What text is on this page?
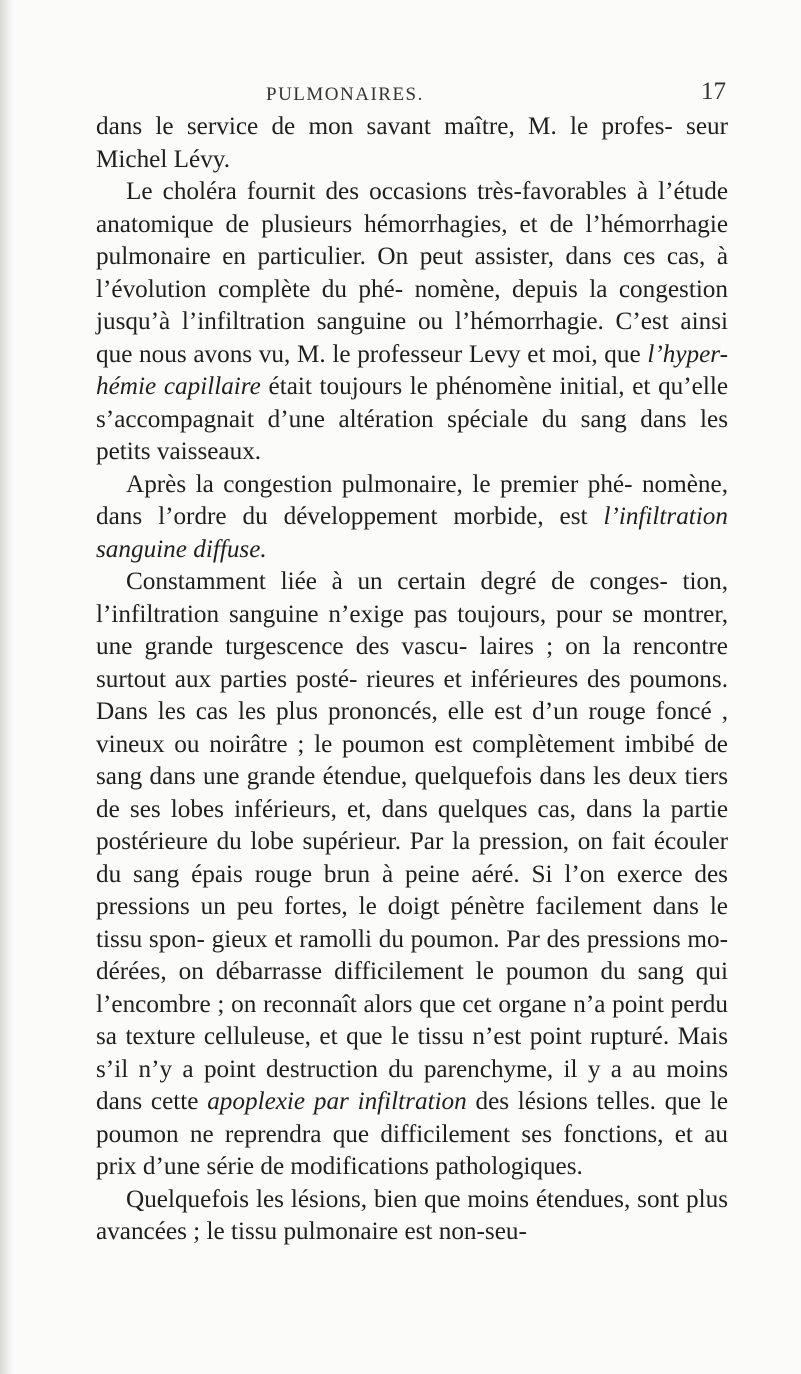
PULMONAIRES.	17

dans le service de mon savant maître, M. le profes- seur Michel Lévy.

Le choléra fournit des occasions très-favorables à l’étude anatomique de plusieurs hémorrhagies, et de l’hémorrhagie pulmonaire en particulier. On peut assister, dans ces cas, à l’évolution complète du phé- nomène, depuis la congestion jusqu’à l’infiltration sanguine ou l’hémorrhagie. C’est ainsi que nous avons vu, M. le professeur Levy et moi, que l’hyper- hémie capillaire était toujours le phénomène initial, et qu’elle s’accompagnait d’une altération spéciale du sang dans les petits vaisseaux.

Après la congestion pulmonaire, le premier phé- nomène, dans l’ordre du développement morbide, est l’infiltration sanguine diffuse.

Constamment liée à un certain degré de conges- tion, l’infiltration sanguine n’exige pas toujours, pour se montrer, une grande turgescence des vascu- laires ; on la rencontre surtout aux parties posté- rieures et inférieures des poumons. Dans les cas les plus prononcés, elle est d’un rouge foncé , vineux ou noirâtre ; le poumon est complètement imbibé de sang dans une grande étendue, quelquefois dans les deux tiers de ses lobes inférieurs, et, dans quelques cas, dans la partie postérieure du lobe supérieur. Par la pression, on fait écouler du sang épais rouge brun à peine aéré. Si l’on exerce des pressions un peu fortes, le doigt pénètre facilement dans le tissu spon- gieux et ramolli du poumon. Par des pressions mo- dérées, on débarrasse difficilement le poumon du sang qui l’encombre ; on reconnaît alors que cet organe n’a point perdu sa texture celluleuse, et que le tissu n’est point rupturé. Mais s’il n’y a point destruction du parenchyme, il y a au moins dans cette apoplexie par infiltration des lésions telles. que le poumon ne reprendra que difficilement ses fonctions, et au prix d’une série de modifications pathologiques.

Quelquefois les lésions, bien que moins étendues, sont plus avancées ; le tissu pulmonaire est non-seu-
